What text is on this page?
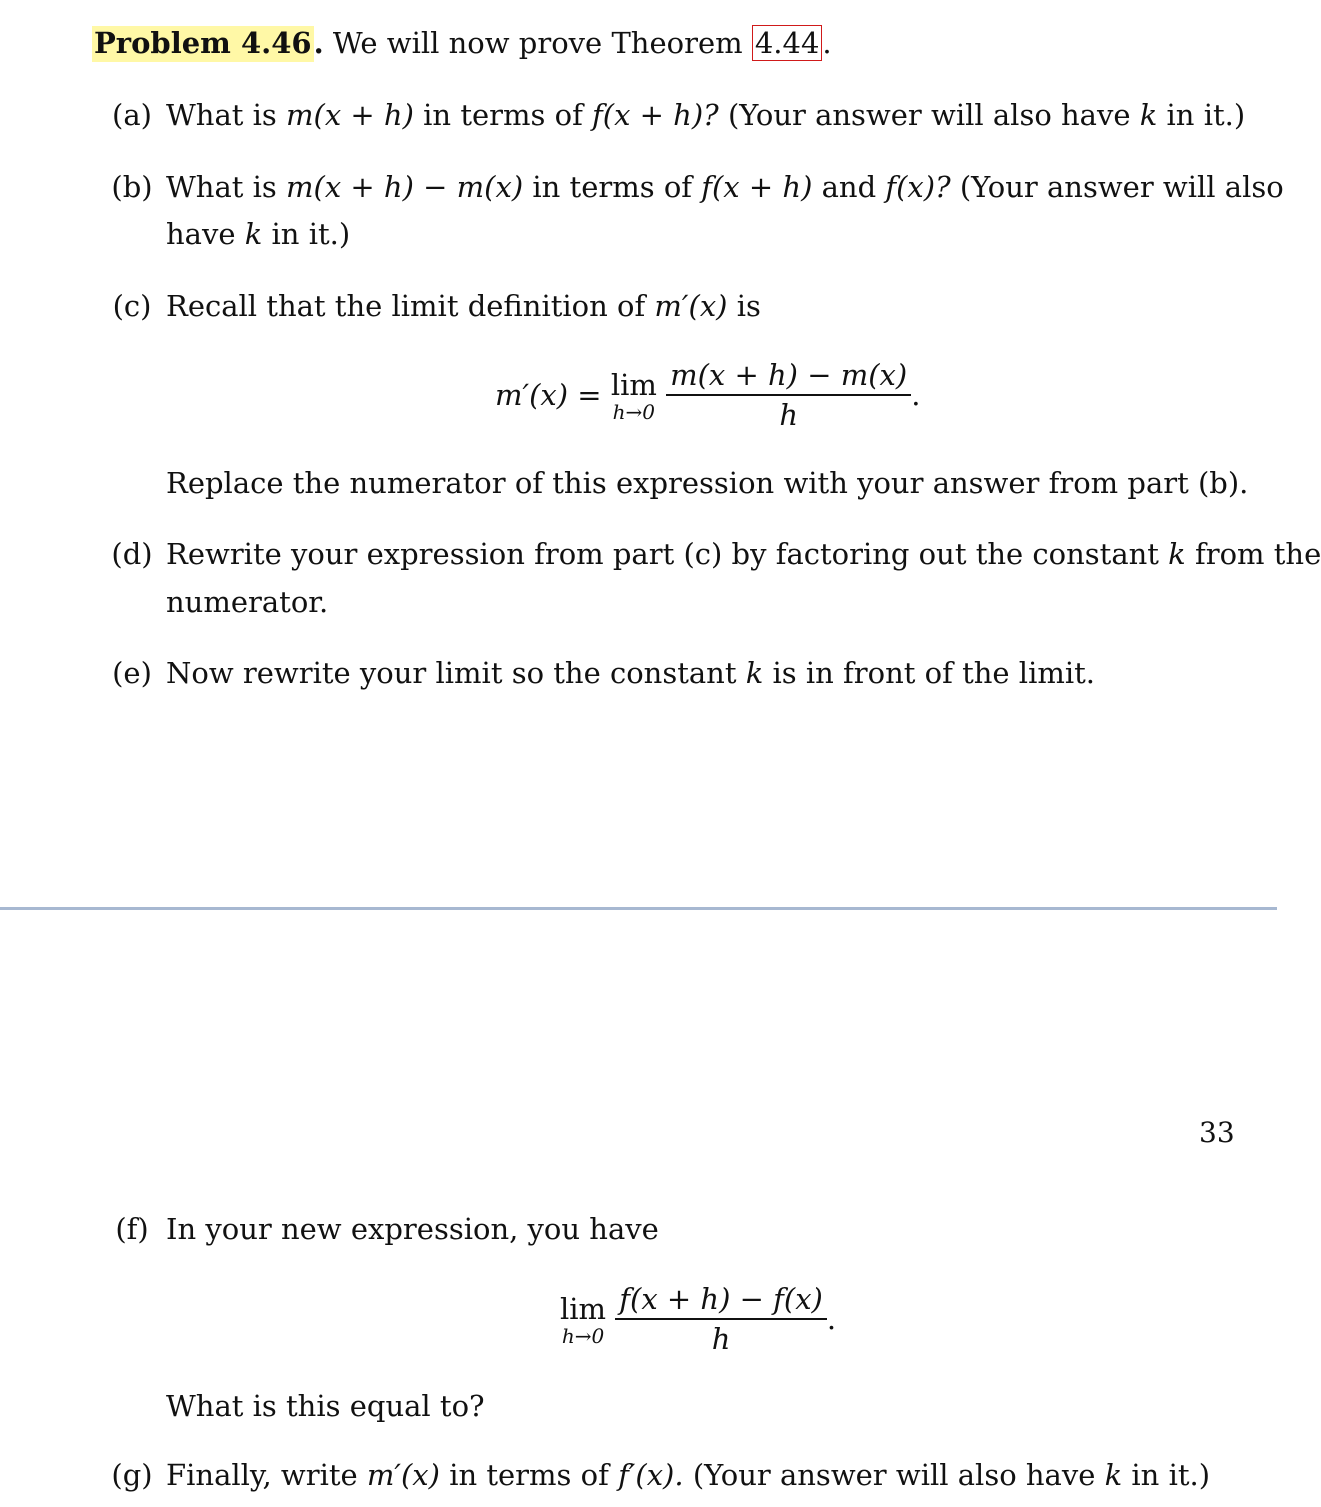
Problem 4.46. We will now prove Theorem 4.44 .
(a) What is m(x + h) in terms of f(x + h)? (Your answer will also have k in it.)
(b) What is m(x + h) − m(x) in terms of f(x + h) and f(x)? (Your answer will also
have k in it.)
(c) Recall that the limit definition of m′(x) is
m′(x) = lim
h→0
$\frac{m(x + h) - m(x)}{h}$ .
Replace the numerator of this expression with your answer from part (b).
(d) Rewrite your expression from part (c) by factoring out the constant k from the
numerator.
(e) Now rewrite your limit so the constant k is in front of the limit.
33
(f) In your new expression, you have
lim
h→0
$\frac{f(x + h) - f(x)}{h}$ .
What is this equal to?
(g) Finally, write m′(x) in terms of f′(x). (Your answer will also have k in it.)
